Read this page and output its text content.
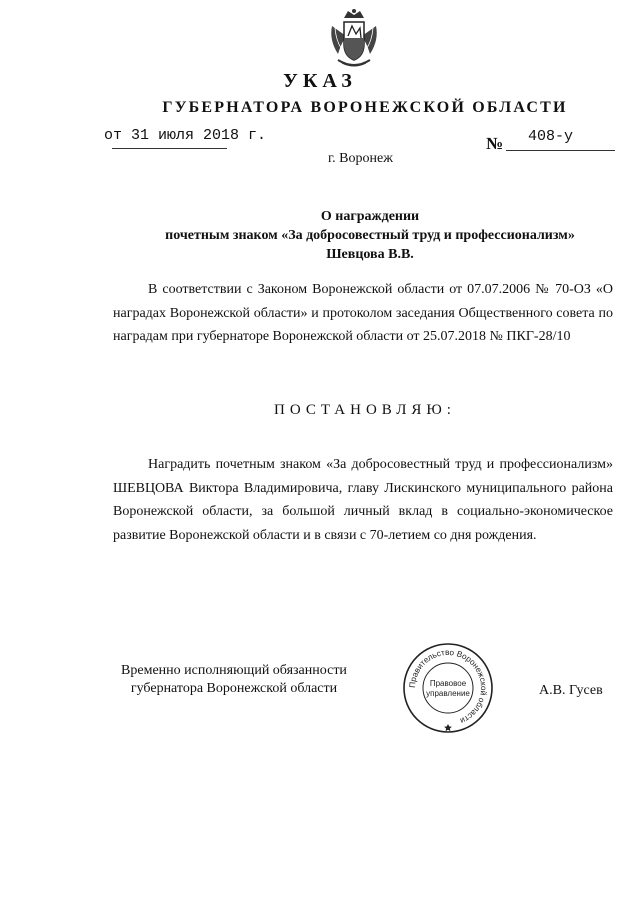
УКАЗ
ГУБЕРНАТОРА ВОРОНЕЖСКОЙ ОБЛАСТИ
от 31 июля 2018 г.	№ 408-у
г. Воронеж
О награждении
почетным знаком «За добросовестный труд и профессионализм»
Шевцова В.В.
В соответствии с Законом Воронежской области от 07.07.2006 № 70-ОЗ «О наградах Воронежской области» и протоколом заседания Общественного совета по наградам при губернаторе Воронежской области от 25.07.2018 № ПКГ-28/10
ПОСТАНОВЛЯЮ:
Наградить почетным знаком «За добросовестный труд и профессионализм» ШЕВЦОВА Виктора Владимировича, главу Лискинского муниципального района Воронежской области, за большой личный вклад в социально-экономическое развитие Воронежской области и в связи с 70-летием со дня рождения.
Временно исполняющий обязанности
губернатора Воронежской области	Правительство Воронежской области
Правовое
управление	А.В. Гусев
